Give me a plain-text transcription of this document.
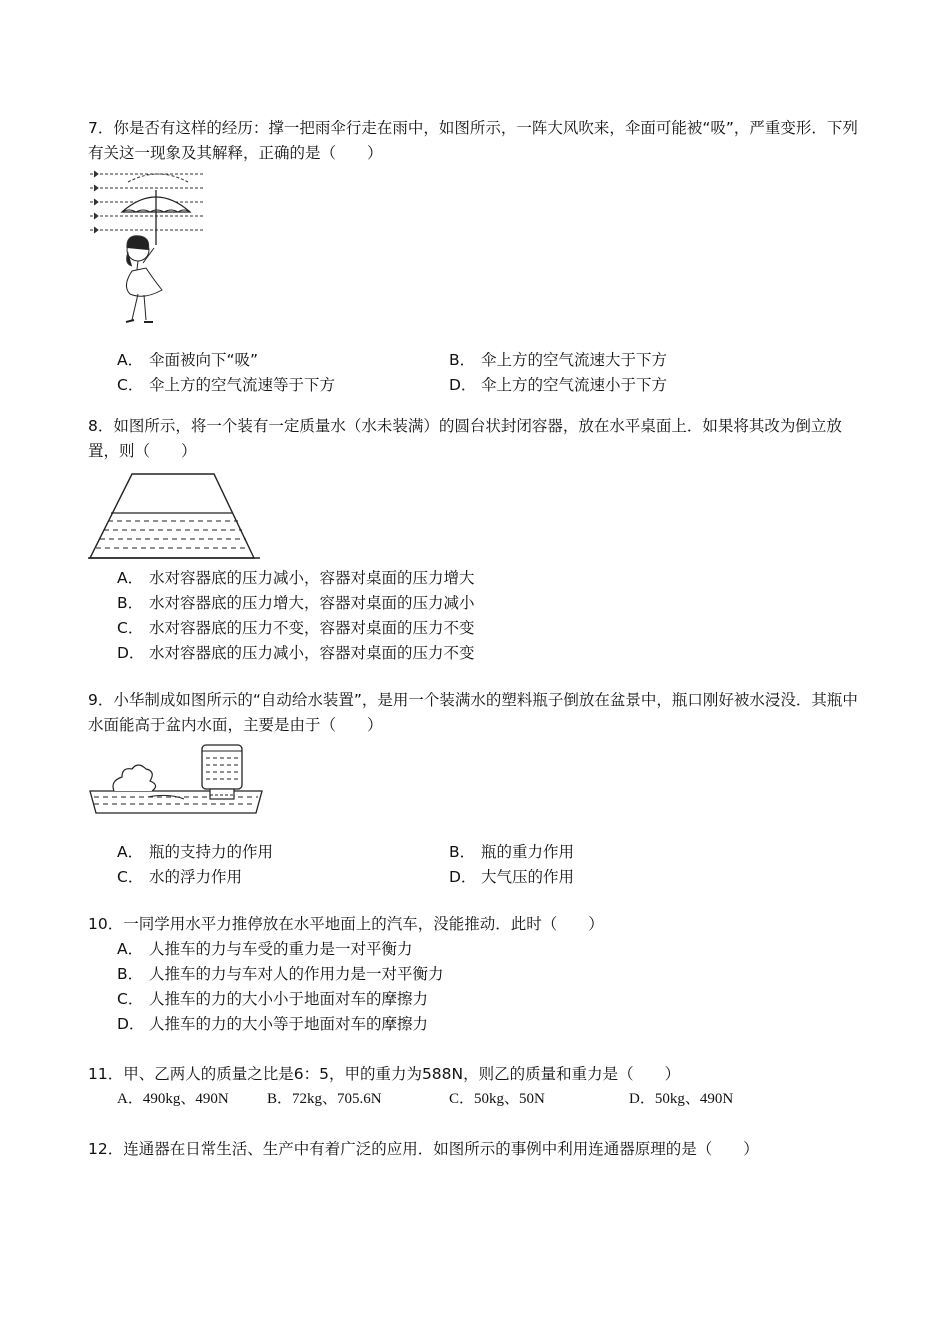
7．你是否有这样的经历：撑一把雨伞行走在雨中，如图所示，一阵大风吹来，伞面可能被“吸”，严重变形．下列有关这一现象及其解释，正确的是（　　）

A． 伞面被向下“吸”	B． 伞上方的空气流速大于下方
C． 伞上方的空气流速等于下方	D． 伞上方的空气流速小于下方

8．如图所示，将一个装有一定质量水（水未装满）的圆台状封闭容器，放在水平桌面上．如果将其改为倒立放置，则（　　）

A． 水对容器底的压力减小，容器对桌面的压力增大
B． 水对容器底的压力增大，容器对桌面的压力减小
C． 水对容器底的压力不变，容器对桌面的压力不变
D． 水对容器底的压力减小，容器对桌面的压力不变

9．小华制成如图所示的“自动给水装置”，是用一个装满水的塑料瓶子倒放在盆景中，瓶口刚好被水浸没．其瓶中水面能高于盆内水面，主要是由于（　　）

A． 瓶的支持力的作用	B． 瓶的重力作用
C． 水的浮力作用	D． 大气压的作用

10．一同学用水平力推停放在水平地面上的汽车，没能推动．此时（　　）

A． 人推车的力与车受的重力是一对平衡力
B． 人推车的力与车对人的作用力是一对平衡力
C． 人推车的力的大小小于地面对车的摩擦力
D． 人推车的力的大小等于地面对车的摩擦力

11．甲、乙两人的质量之比是6：5，甲的重力为588N，则乙的质量和重力是（　　）

A．490kg、490N	B．72kg、705.6N	C．50kg、50N	D．50kg、490N

12．连通器在日常生活、生产中有着广泛的应用．如图所示的事例中利用连通器原理的是（　　）
